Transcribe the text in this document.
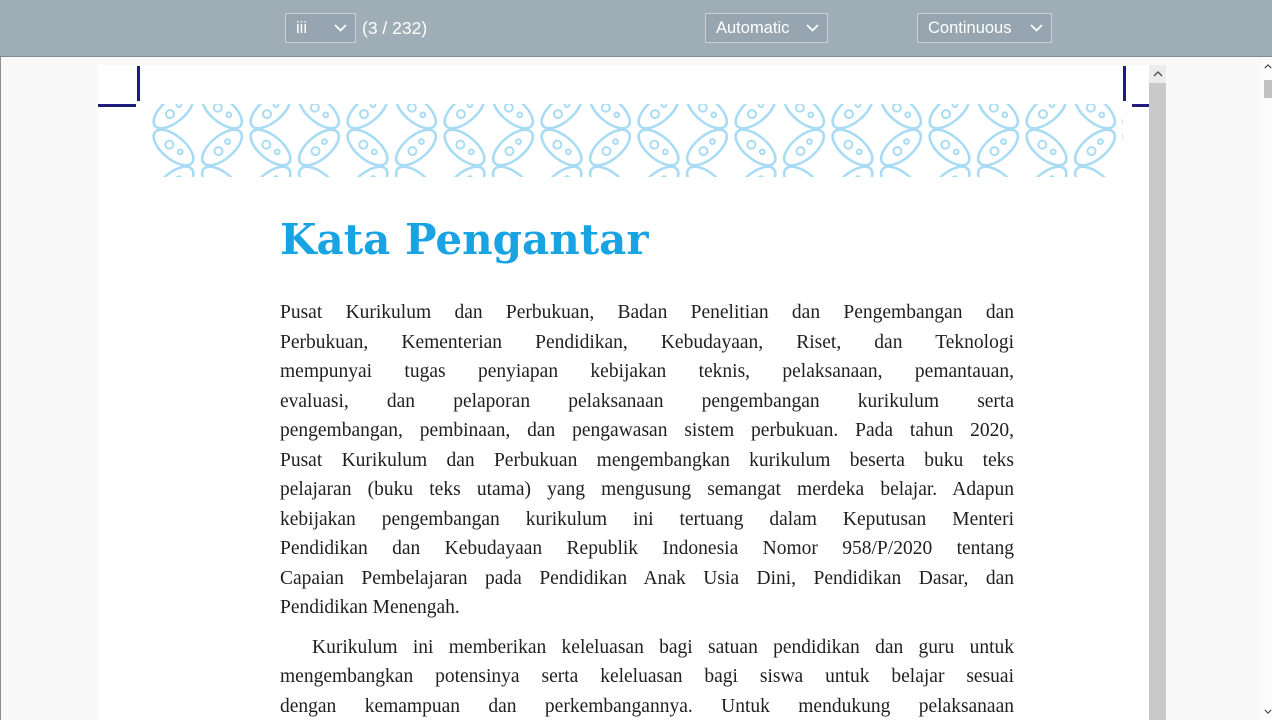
iii	(3 / 232)	Automatic	Continuous
Kata Pengantar
Pusat Kurikulum dan Perbukuan, Badan Penelitian dan Pengembangan dan
Perbukuan, Kementerian Pendidikan, Kebudayaan, Riset, dan Teknologi
mempunyai tugas penyiapan kebijakan teknis, pelaksanaan, pemantauan,
evaluasi, dan pelaporan pelaksanaan pengembangan kurikulum serta
pengembangan, pembinaan, dan pengawasan sistem perbukuan. Pada tahun 2020,
Pusat Kurikulum dan Perbukuan mengembangkan kurikulum beserta buku teks
pelajaran (buku teks utama) yang mengusung semangat merdeka belajar. Adapun
kebijakan pengembangan kurikulum ini tertuang dalam Keputusan Menteri
Pendidikan dan Kebudayaan Republik Indonesia Nomor 958/P/2020 tentang
Capaian Pembelajaran pada Pendidikan Anak Usia Dini, Pendidikan Dasar, dan
Pendidikan Menengah.
Kurikulum ini memberikan keleluasan bagi satuan pendidikan dan guru untuk
mengembangkan potensinya serta keleluasan bagi siswa untuk belajar sesuai
dengan kemampuan dan perkembangannya. Untuk mendukung pelaksanaan
